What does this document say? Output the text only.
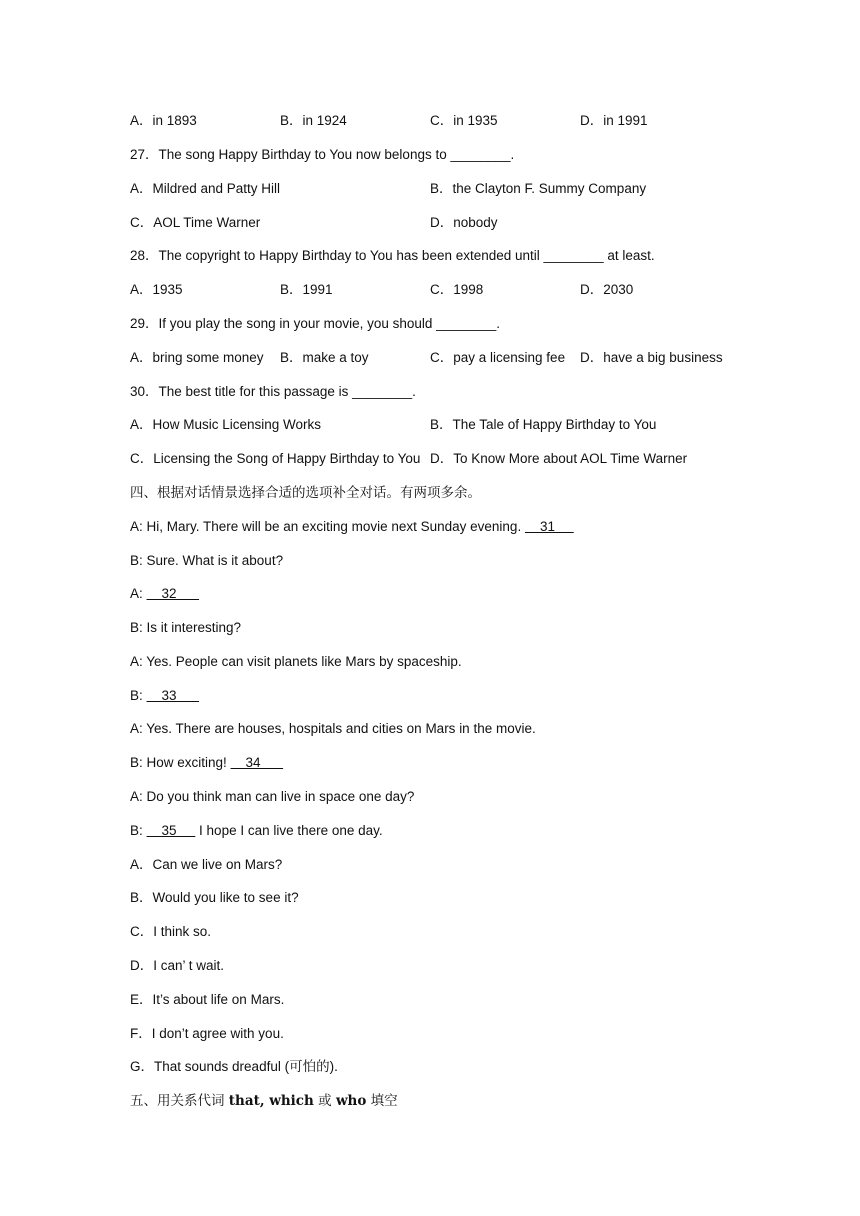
A．in 1893	B．in 1924	C．in 1935	D．in 1991
27．The song Happy Birthday to You now belongs to ________.
A．Mildred and Patty Hill	B．the Clayton F. Summy Company
C．AOL Time Warner	D．nobody
28．The copyright to Happy Birthday to You has been extended until ________ at least.
A．1935	B．1991	C．1998	D．2030
29．If you play the song in your movie, you should ________.
A．bring some money B．make a toy	C．pay a licensing fee D．have a big business
30．The best title for this passage is ________.
A．How Music Licensing Works	B．The Tale of Happy Birthday to You
C．Licensing the Song of Happy Birthday to You D．To Know More about AOL Time Warner
四、根据对话情景选择合适的选项补全对话。有两项多余。
A: Hi, Mary. There will be an exciting movie next Sunday evening.     31
B: Sure. What is it about?
A:     32
B: Is it interesting?
A: Yes. People can visit planets like Mars by spaceship.
B:     33
A: Yes. There are houses, hospitals and cities on Mars in the movie.
B: How exciting!     34
A: Do you think man can live in space one day?
B:     35      I hope I can live there one day.
A．Can we live on Mars?
B．Would you like to see it?
C．I think so.
D．I can’ t wait.
E．It’s about life on Mars.
F．I don’t agree with you.
G．That sounds dreadful (可怕的).
五、用关系代词 that, which 或 who 填空
